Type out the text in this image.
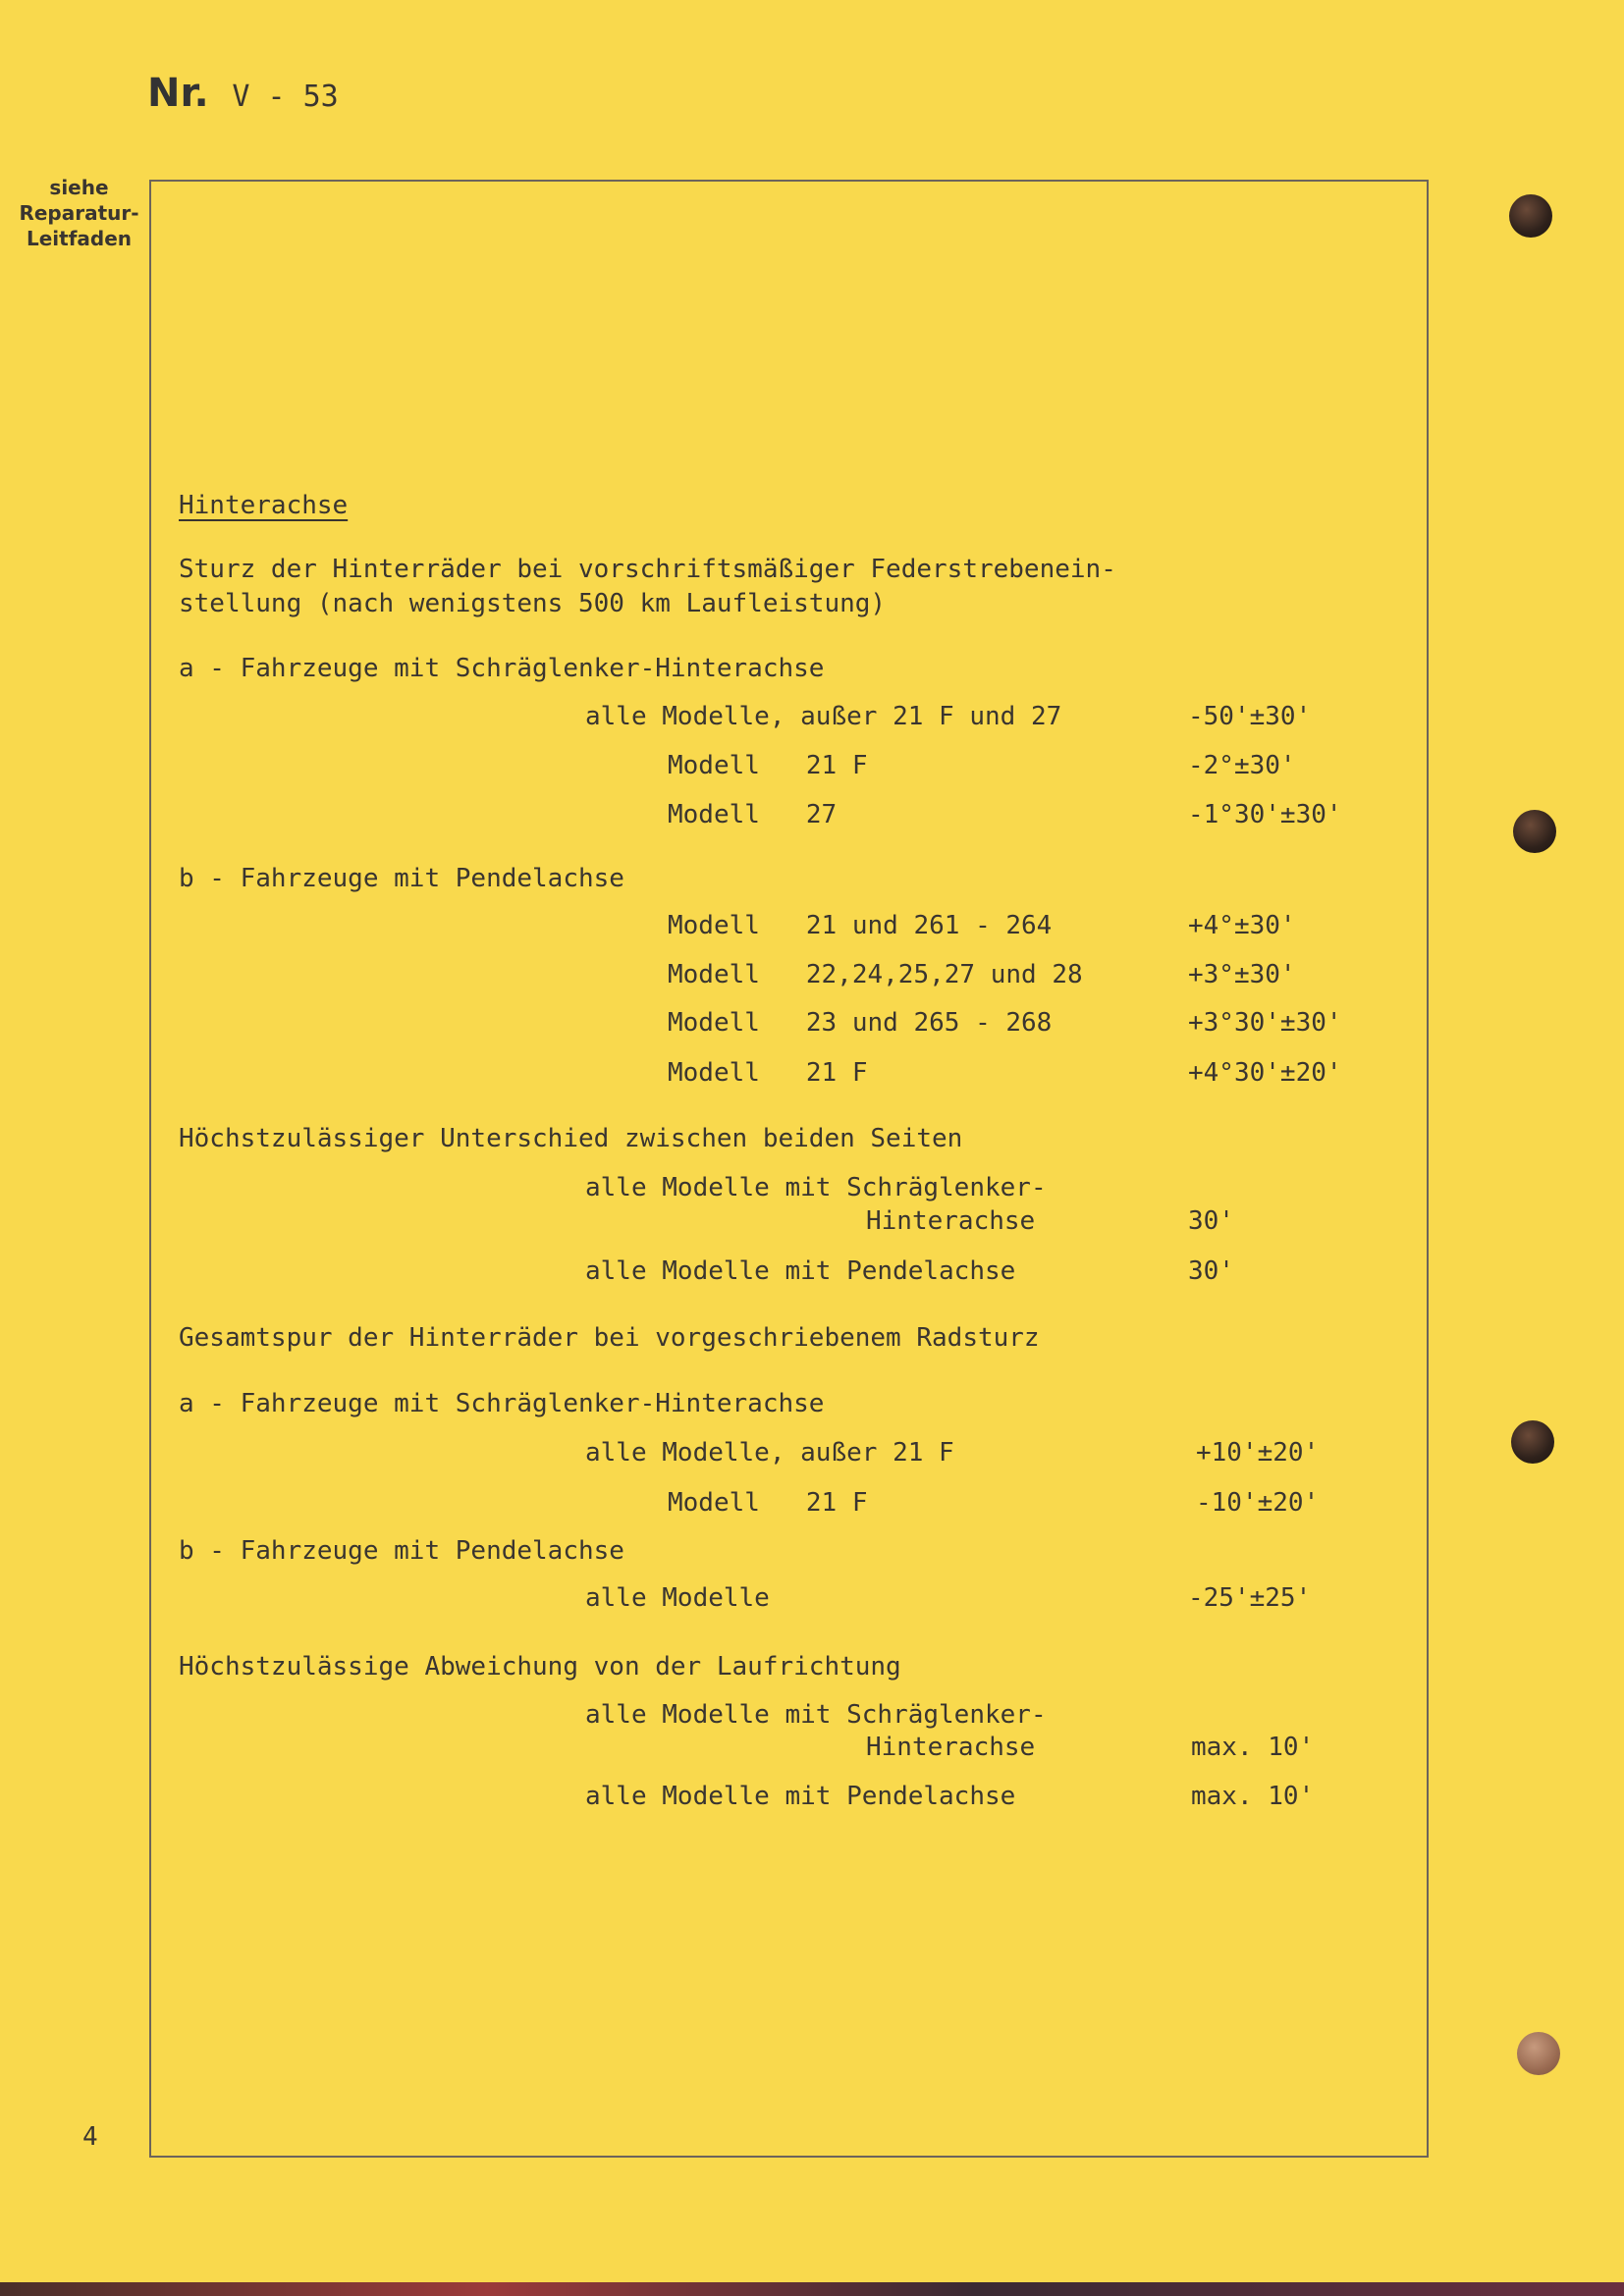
Nr. V - 53
siehe
Reparatur-
Leitfaden
Hinterachse
Sturz der Hinterräder bei vorschriftsmäßiger Federstrebenein-
stellung (nach wenigstens 500 km Laufleistung)
a - Fahrzeuge mit Schräglenker-Hinterachse
alle Modelle, außer 21 F und 27	-50'±30'
Modell   21 F	-2°±30'
Modell   27	-1°30'±30'
b - Fahrzeuge mit Pendelachse
Modell   21 und 261 - 264	+4°±30'
Modell   22,24,25,27 und 28	+3°±30'
Modell   23 und 265 - 268	+3°30'±30'
Modell   21 F	+4°30'±20'
Höchstzulässiger Unterschied zwischen beiden Seiten
alle Modelle mit Schräglenker-
Hinterachse	30'
alle Modelle mit Pendelachse	30'
Gesamtspur der Hinterräder bei vorgeschriebenem Radsturz
a - Fahrzeuge mit Schräglenker-Hinterachse
alle Modelle, außer 21 F	+10'±20'
Modell   21 F	-10'±20'
b - Fahrzeuge mit Pendelachse
alle Modelle	-25'±25'
Höchstzulässige Abweichung von der Laufrichtung
alle Modelle mit Schräglenker-
Hinterachse	max. 10'
alle Modelle mit Pendelachse	max. 10'
4
